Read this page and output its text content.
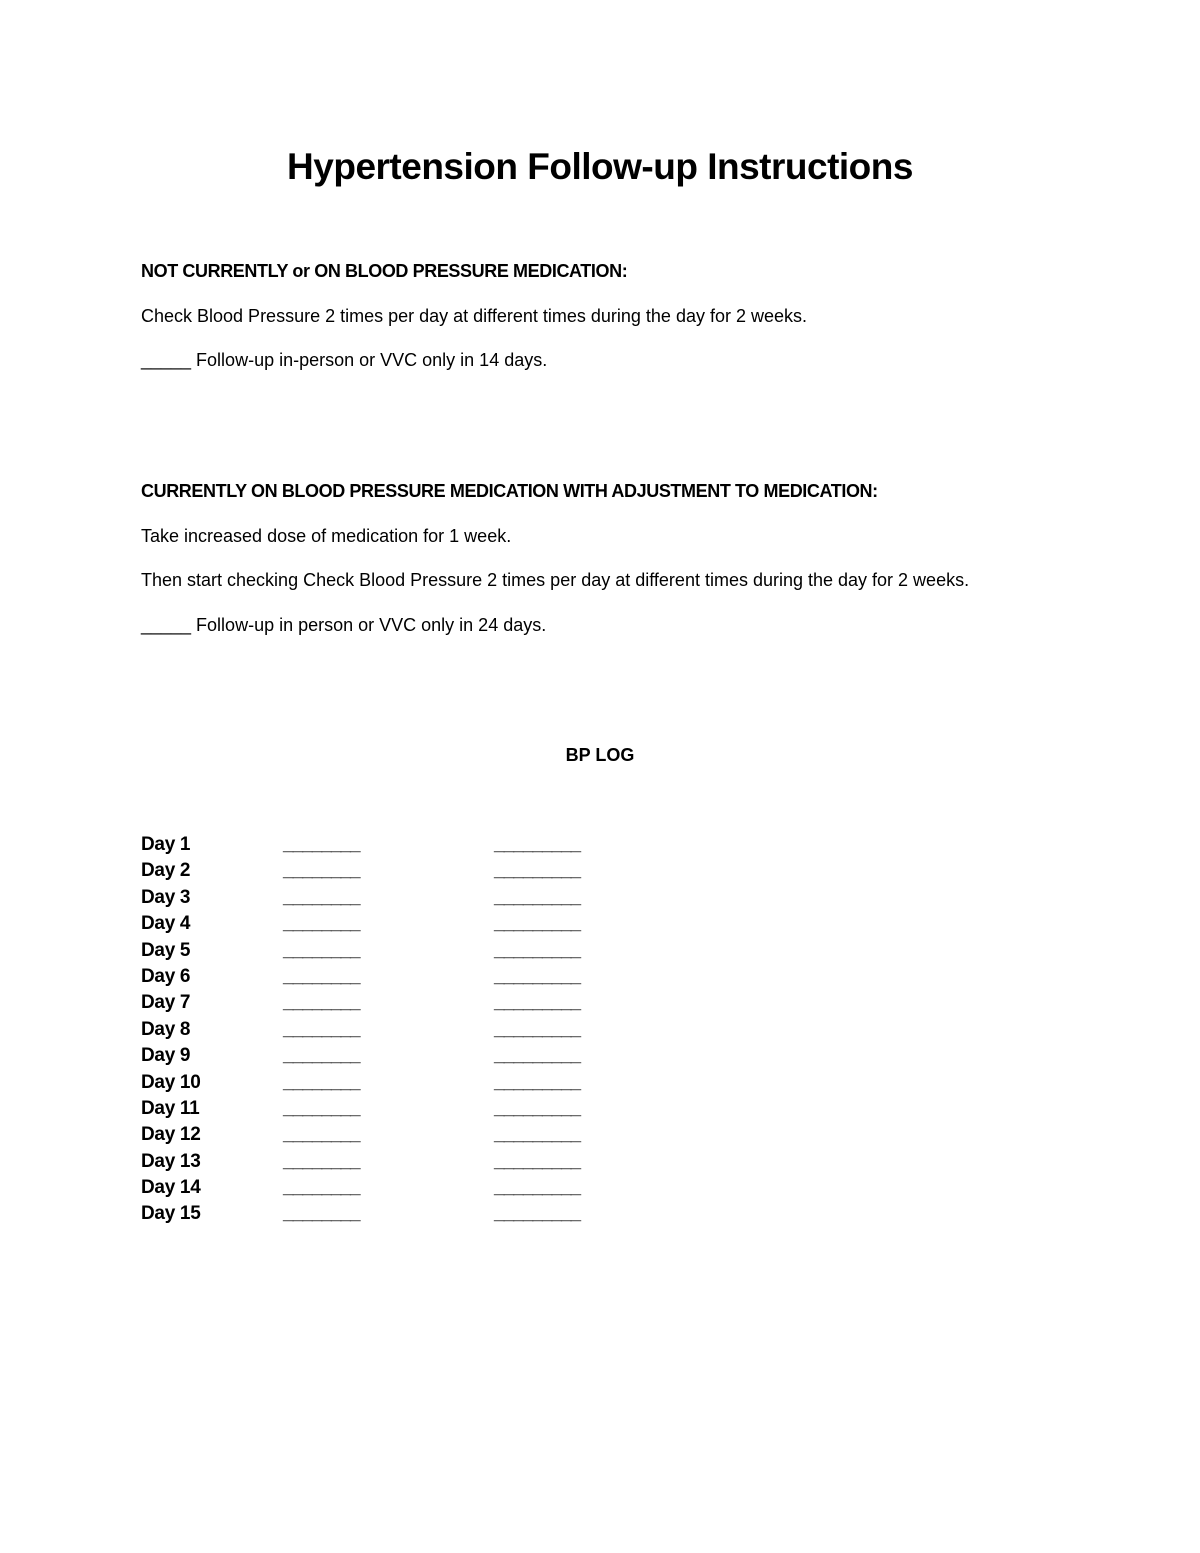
Hypertension Follow-up Instructions
NOT CURRENTLY or ON BLOOD PRESSURE MEDICATION:
Check Blood Pressure 2 times per day at different times during the day for 2 weeks.
_____ Follow-up in-person or VVC only in 14 days.
CURRENTLY ON BLOOD PRESSURE MEDICATION WITH ADJUSTMENT TO MEDICATION:
Take increased dose of medication for 1 week.
Then start checking Check Blood Pressure 2 times per day at different times during the day for 2 weeks.
_____ Follow-up in person or VVC only in 24 days.
BP LOG
Day 1	________	_________
Day 2	________	_________
Day 3	________	_________
Day 4	________	_________
Day 5	________	_________
Day 6	________	_________
Day 7	________	_________
Day 8	________	_________
Day 9	________	_________
Day 10	________	_________
Day 11	________	_________
Day 12	________	_________
Day 13	________	_________
Day 14	________	_________
Day 15	________	_________
